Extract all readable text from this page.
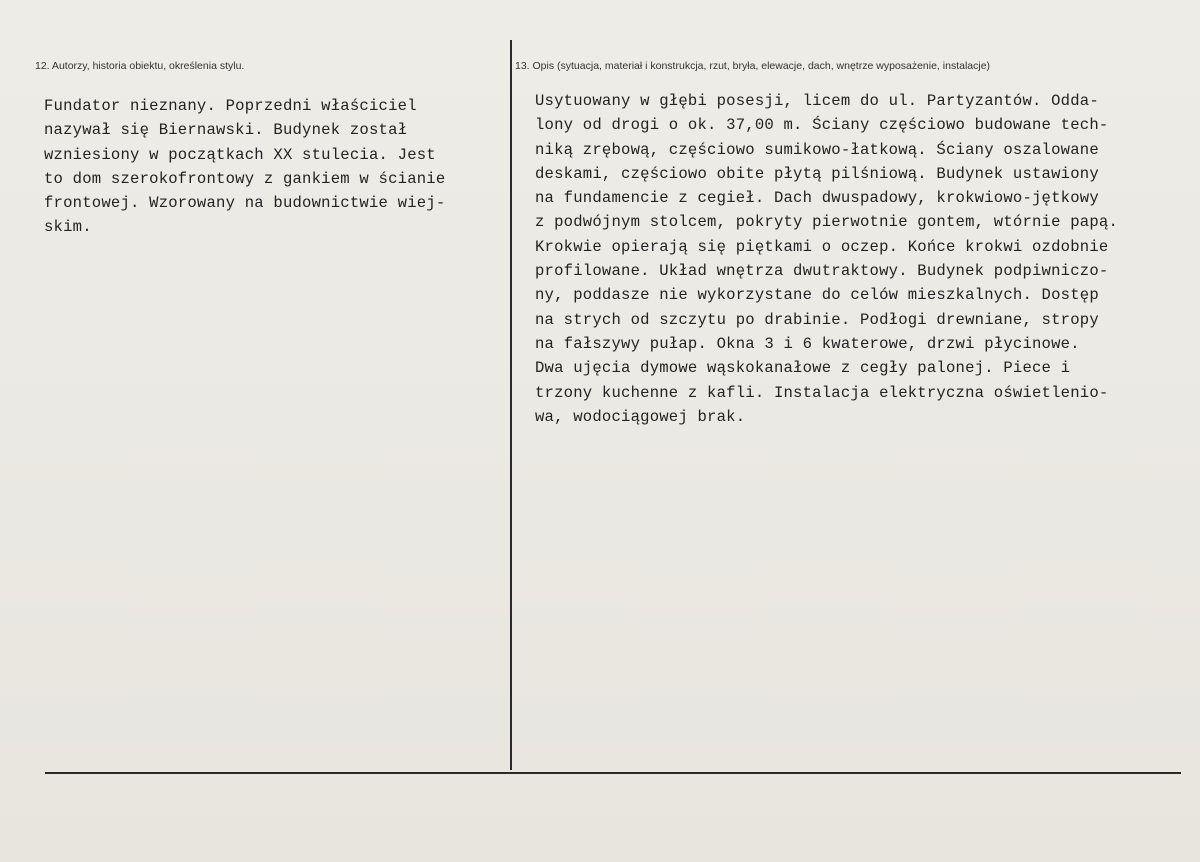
12. Autorzy, historia obiektu, określenia stylu.	13. Opis (sytuacja, materiał i konstrukcja, rzut, bryła, elewacje, dach, wnętrze wyposażenie, instalacje)
Fundator nieznany. Poprzedni właściciel
nazywał się Biernawski. Budynek został
wzniesiony w początkach XX stulecia. Jest
to dom szerokofrontowy z gankiem w ścianie
frontowej. Wzorowany na budownictwie wiej-
skim.
Usytuowany w głębi posesji, licem do ul. Partyzantów. Odda-
lony od drogi o ok. 37,00 m. Ściany częściowo budowane tech-
niką zrębową, częściowo sumikowo-łatkową. Ściany oszalowane
deskami, częściowo obite płytą pilśniową. Budynek ustawiony
na fundamencie z cegieł. Dach dwuspadowy, krokwiowo-jętkowy
z podwójnym stolcem, pokryty pierwotnie gontem, wtórnie papą.
Krokwie opierają się piętkami o oczep. Końce krokwi ozdobnie
profilowane. Układ wnętrza dwutraktowy. Budynek podpiwniczo-
ny, poddasze nie wykorzystane do celów mieszkalnych. Dostęp
na strych od szczytu po drabinie. Podłogi drewniane, stropy
na fałszywy pułap. Okna 3 i 6 kwaterowe, drzwi płycinowe.
Dwa ujęcia dymowe wąskokanałowe z cegły palonej. Piece i
trzony kuchenne z kafli. Instalacja elektryczna oświetlenio-
wa, wodociągowej brak.
